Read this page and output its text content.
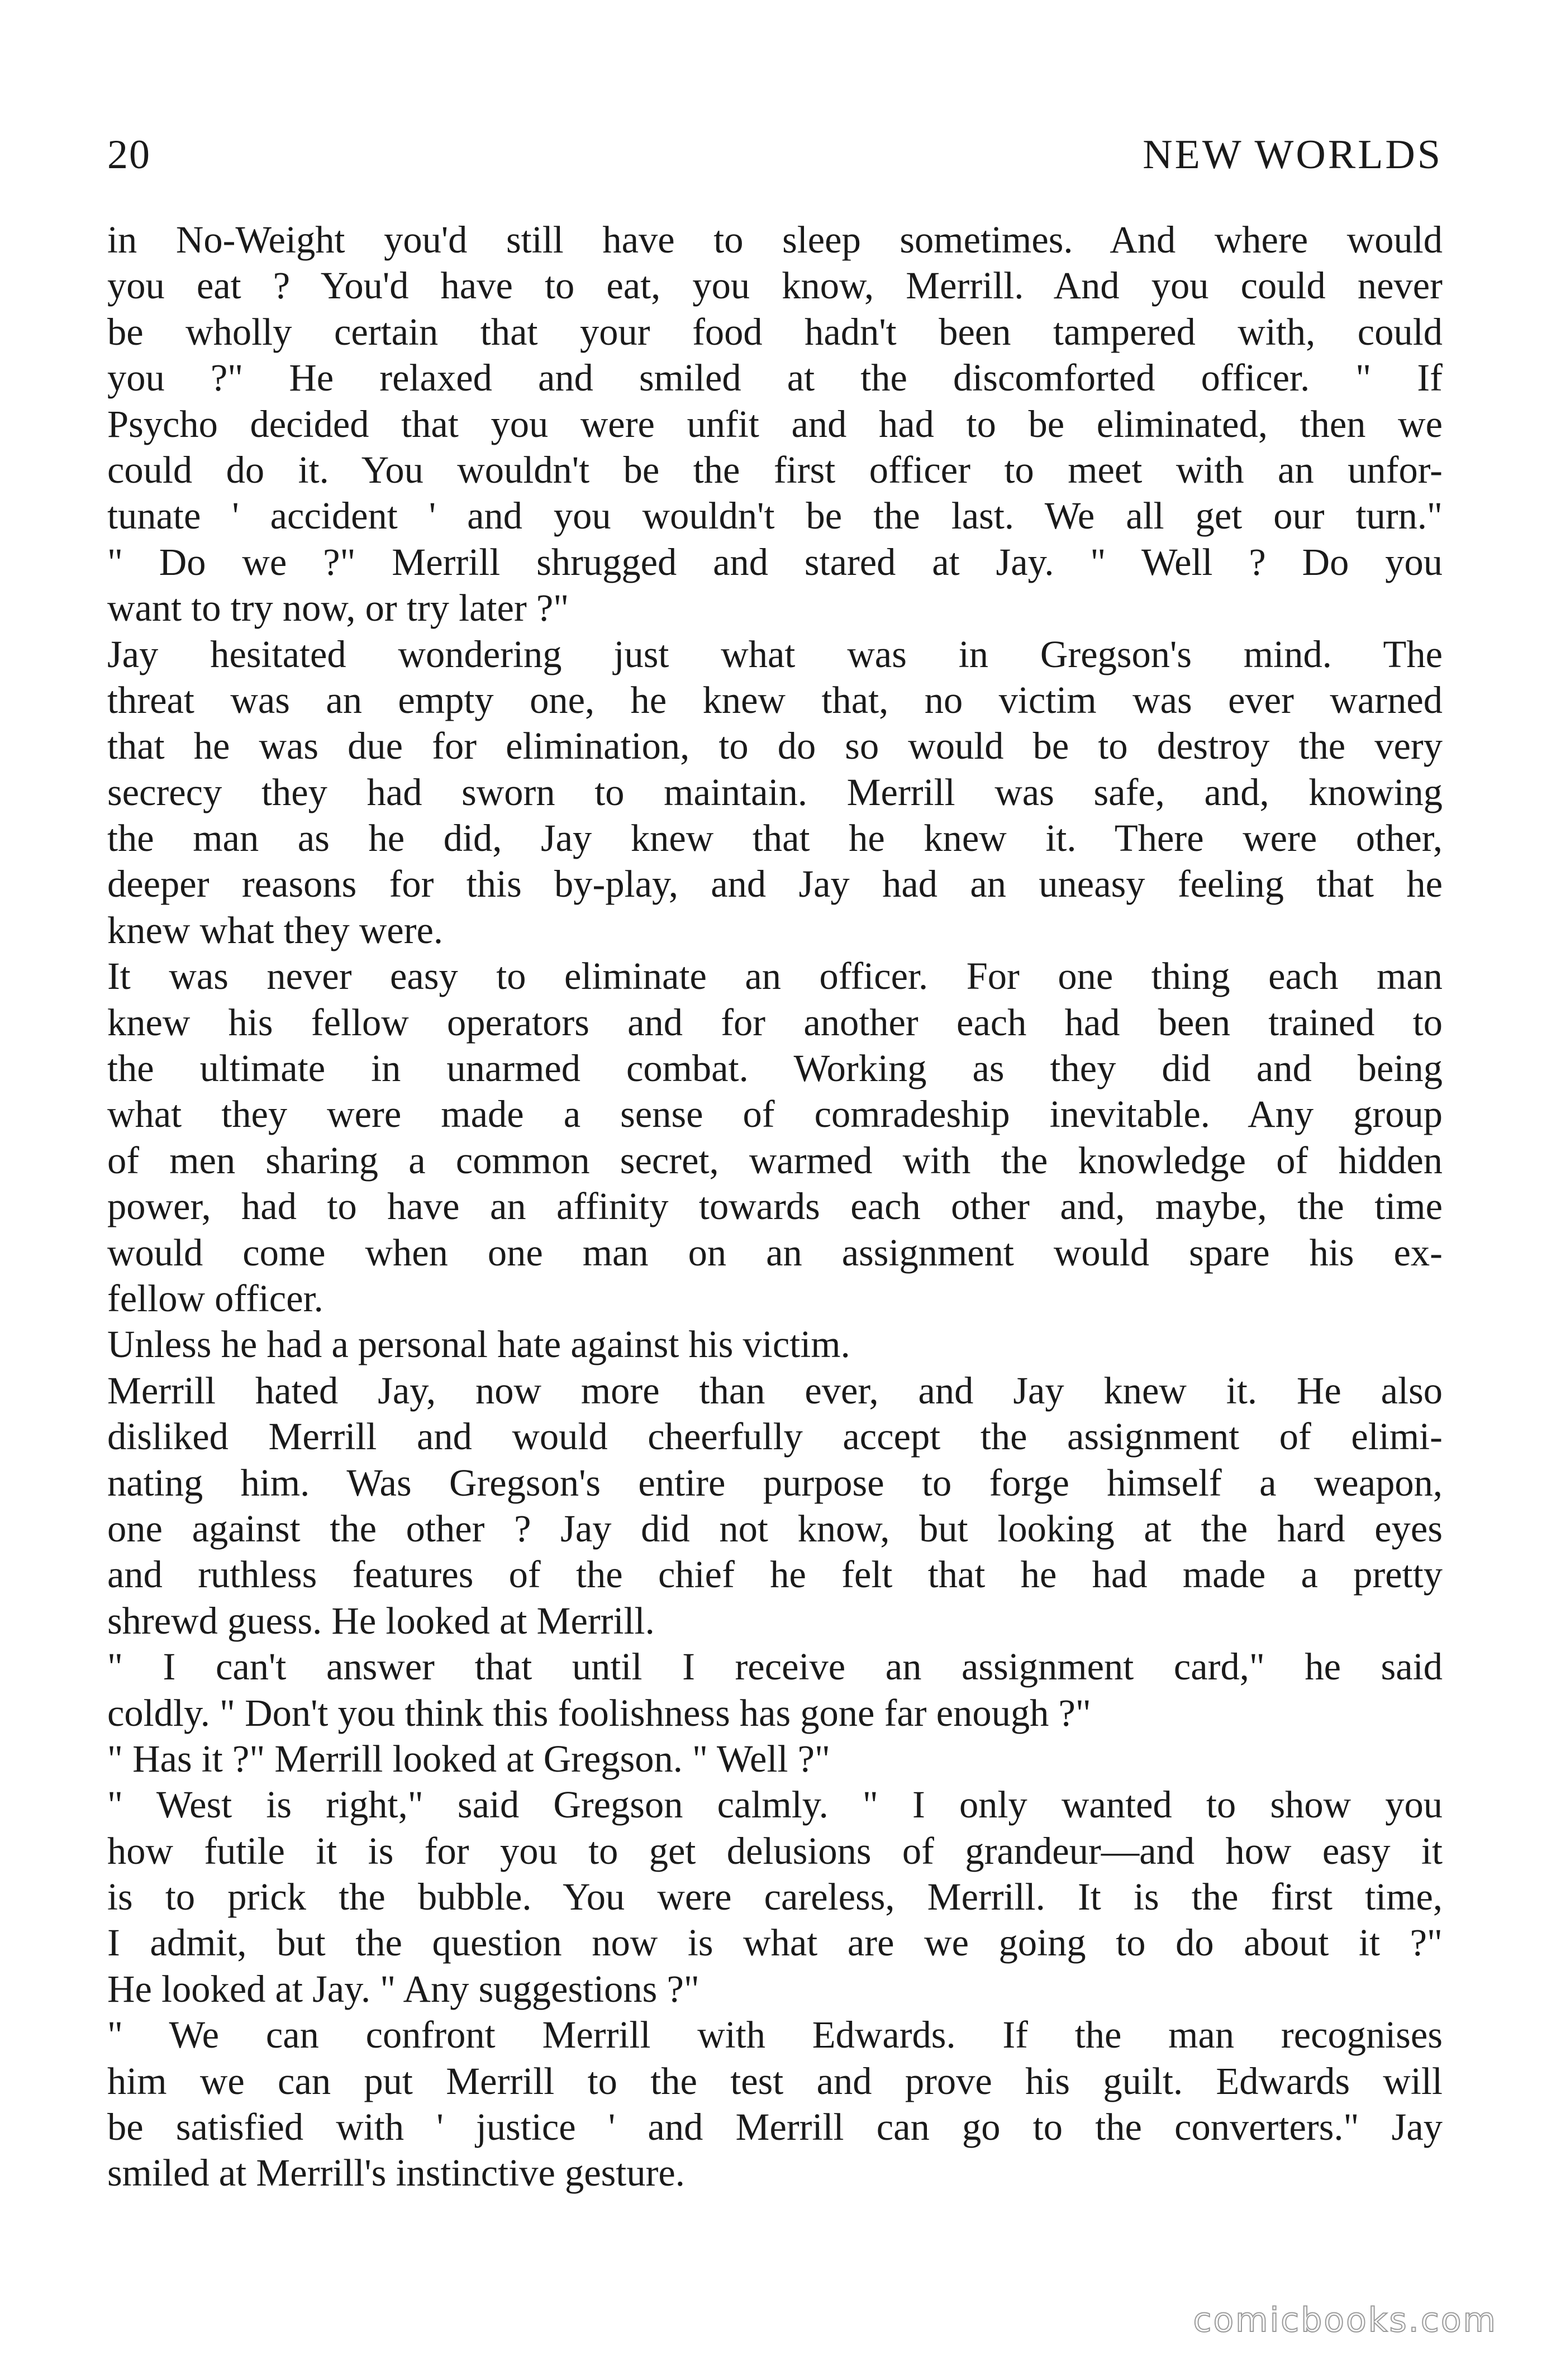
20	NEW WORLDS
in No-Weight you'd still have to sleep sometimes. And where would
you eat ? You'd have to eat, you know, Merrill. And you could never
be wholly certain that your food hadn't been tampered with, could
you ?" He relaxed and smiled at the discomforted officer. " If
Psycho decided that you were unfit and had to be eliminated, then we
could do it. You wouldn't be the first officer to meet with an unfor-
tunate ' accident ' and you wouldn't be the last. We all get our turn."
" Do we ?" Merrill shrugged and stared at Jay. " Well ? Do you
want to try now, or try later ?"
Jay hesitated wondering just what was in Gregson's mind. The
threat was an empty one, he knew that, no victim was ever warned
that he was due for elimination, to do so would be to destroy the very
secrecy they had sworn to maintain. Merrill was safe, and, knowing
the man as he did, Jay knew that he knew it. There were other,
deeper reasons for this by-play, and Jay had an uneasy feeling that he
knew what they were.
It was never easy to eliminate an officer. For one thing each man
knew his fellow operators and for another each had been trained to
the ultimate in unarmed combat. Working as they did and being
what they were made a sense of comradeship inevitable. Any group
of men sharing a common secret, warmed with the knowledge of hidden
power, had to have an affinity towards each other and, maybe, the time
would come when one man on an assignment would spare his ex-
fellow officer.
Unless he had a personal hate against his victim.
Merrill hated Jay, now more than ever, and Jay knew it. He also
disliked Merrill and would cheerfully accept the assignment of elimi-
nating him. Was Gregson's entire purpose to forge himself a weapon,
one against the other ? Jay did not know, but looking at the hard eyes
and ruthless features of the chief he felt that he had made a pretty
shrewd guess. He looked at Merrill.
" I can't answer that until I receive an assignment card," he said
coldly. " Don't you think this foolishness has gone far enough ?"
" Has it ?" Merrill looked at Gregson. " Well ?"
" West is right," said Gregson calmly. " I only wanted to show you
how futile it is for you to get delusions of grandeur—and how easy it
is to prick the bubble. You were careless, Merrill. It is the first time,
I admit, but the question now is what are we going to do about it ?"
He looked at Jay. " Any suggestions ?"
" We can confront Merrill with Edwards. If the man recognises
him we can put Merrill to the test and prove his guilt. Edwards will
be satisfied with ' justice ' and Merrill can go to the converters." Jay
smiled at Merrill's instinctive gesture.
comicbooks.com
